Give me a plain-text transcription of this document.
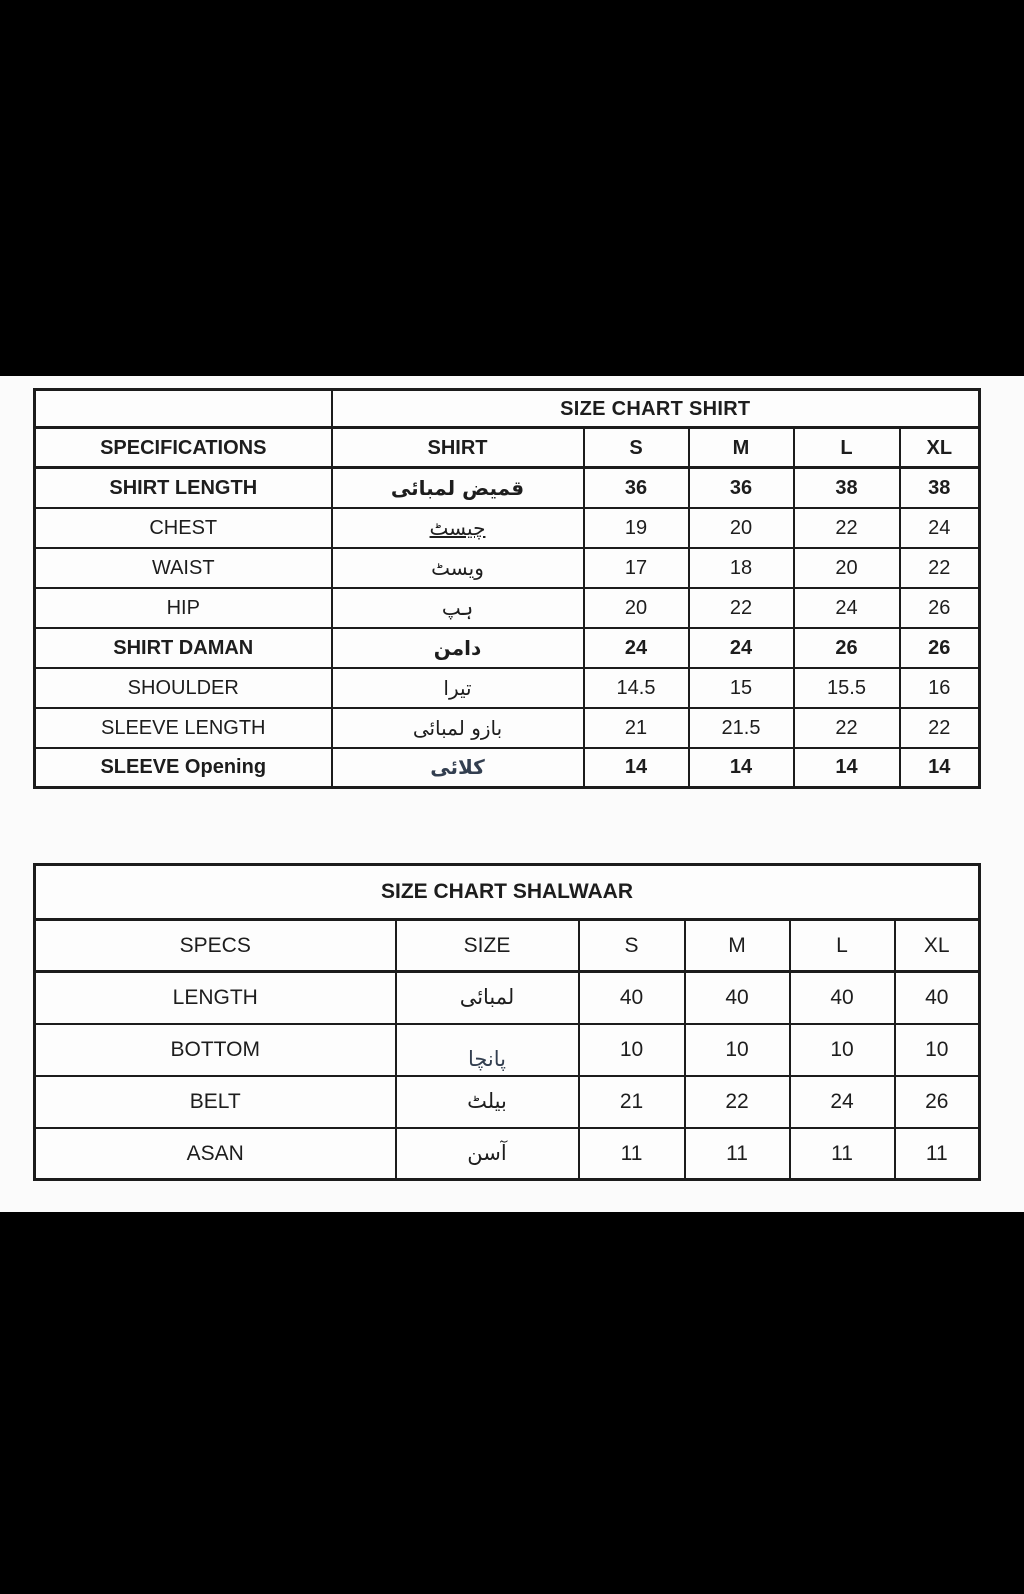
	SIZE CHART SHIRT				
SPECIFICATIONS	SHIRT	S	M	L	XL
SHIRT LENGTH	قمیض لمبائی	36	36	38	38
CHEST	چیسٹ	19	20	22	24
WAIST	ویسٹ	17	18	20	22
HIP	ہپ	20	22	24	26
SHIRT DAMAN	دامن	24	24	26	26
SHOULDER	تیرا	14.5	15	15.5	16
SLEEVE LENGTH	بازو لمبائی	21	21.5	22	22
SLEEVE Opening	کلائی	14	14	14	14
SIZE CHART SHALWAAR					
SPECS	SIZE	S	M	L	XL
LENGTH	لمبائی	40	40	40	40
BOTTOM	پانچا	10	10	10	10
BELT	بیلٹ	21	22	24	26
ASAN	آسن	11	11	11	11
